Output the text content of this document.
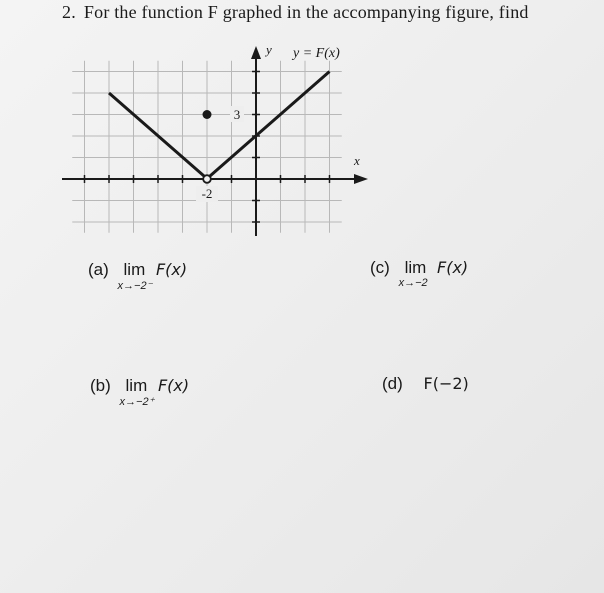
2. For the function F graphed in the accompanying figure, find
3
-2
y y = F(x)
x
(a) lim
x→−2⁻
F(x)	(c) lim
x→−2
F(x)
(b) lim
x→−2⁺
F(x)	(d) F(−2)
